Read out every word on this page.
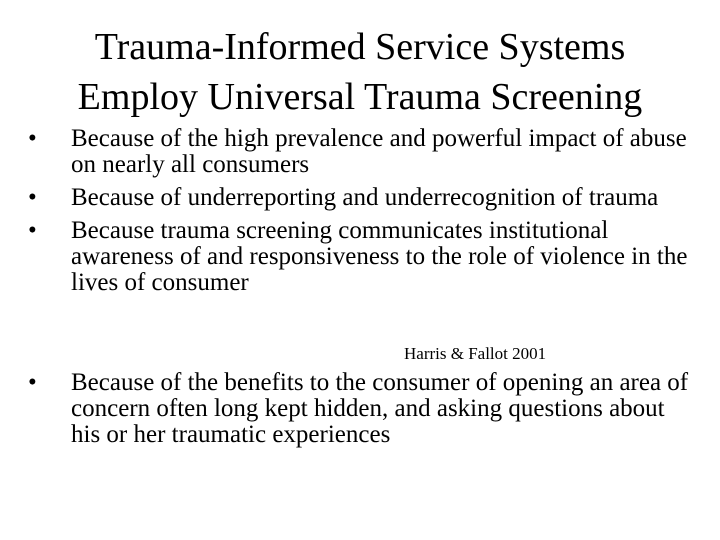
Trauma-Informed Service Systems
Employ Universal Trauma Screening
•	Because of the high prevalence and powerful impact of abuse on nearly all consumers
•	Because of underreporting and underrecognition of trauma
•	Because trauma screening communicates institutional awareness of and responsiveness to the role of violence in the lives of consumer
Harris & Fallot 2001
•	Because of the benefits to the consumer of opening an area of concern often long kept hidden, and asking questions about his or her traumatic experiences
